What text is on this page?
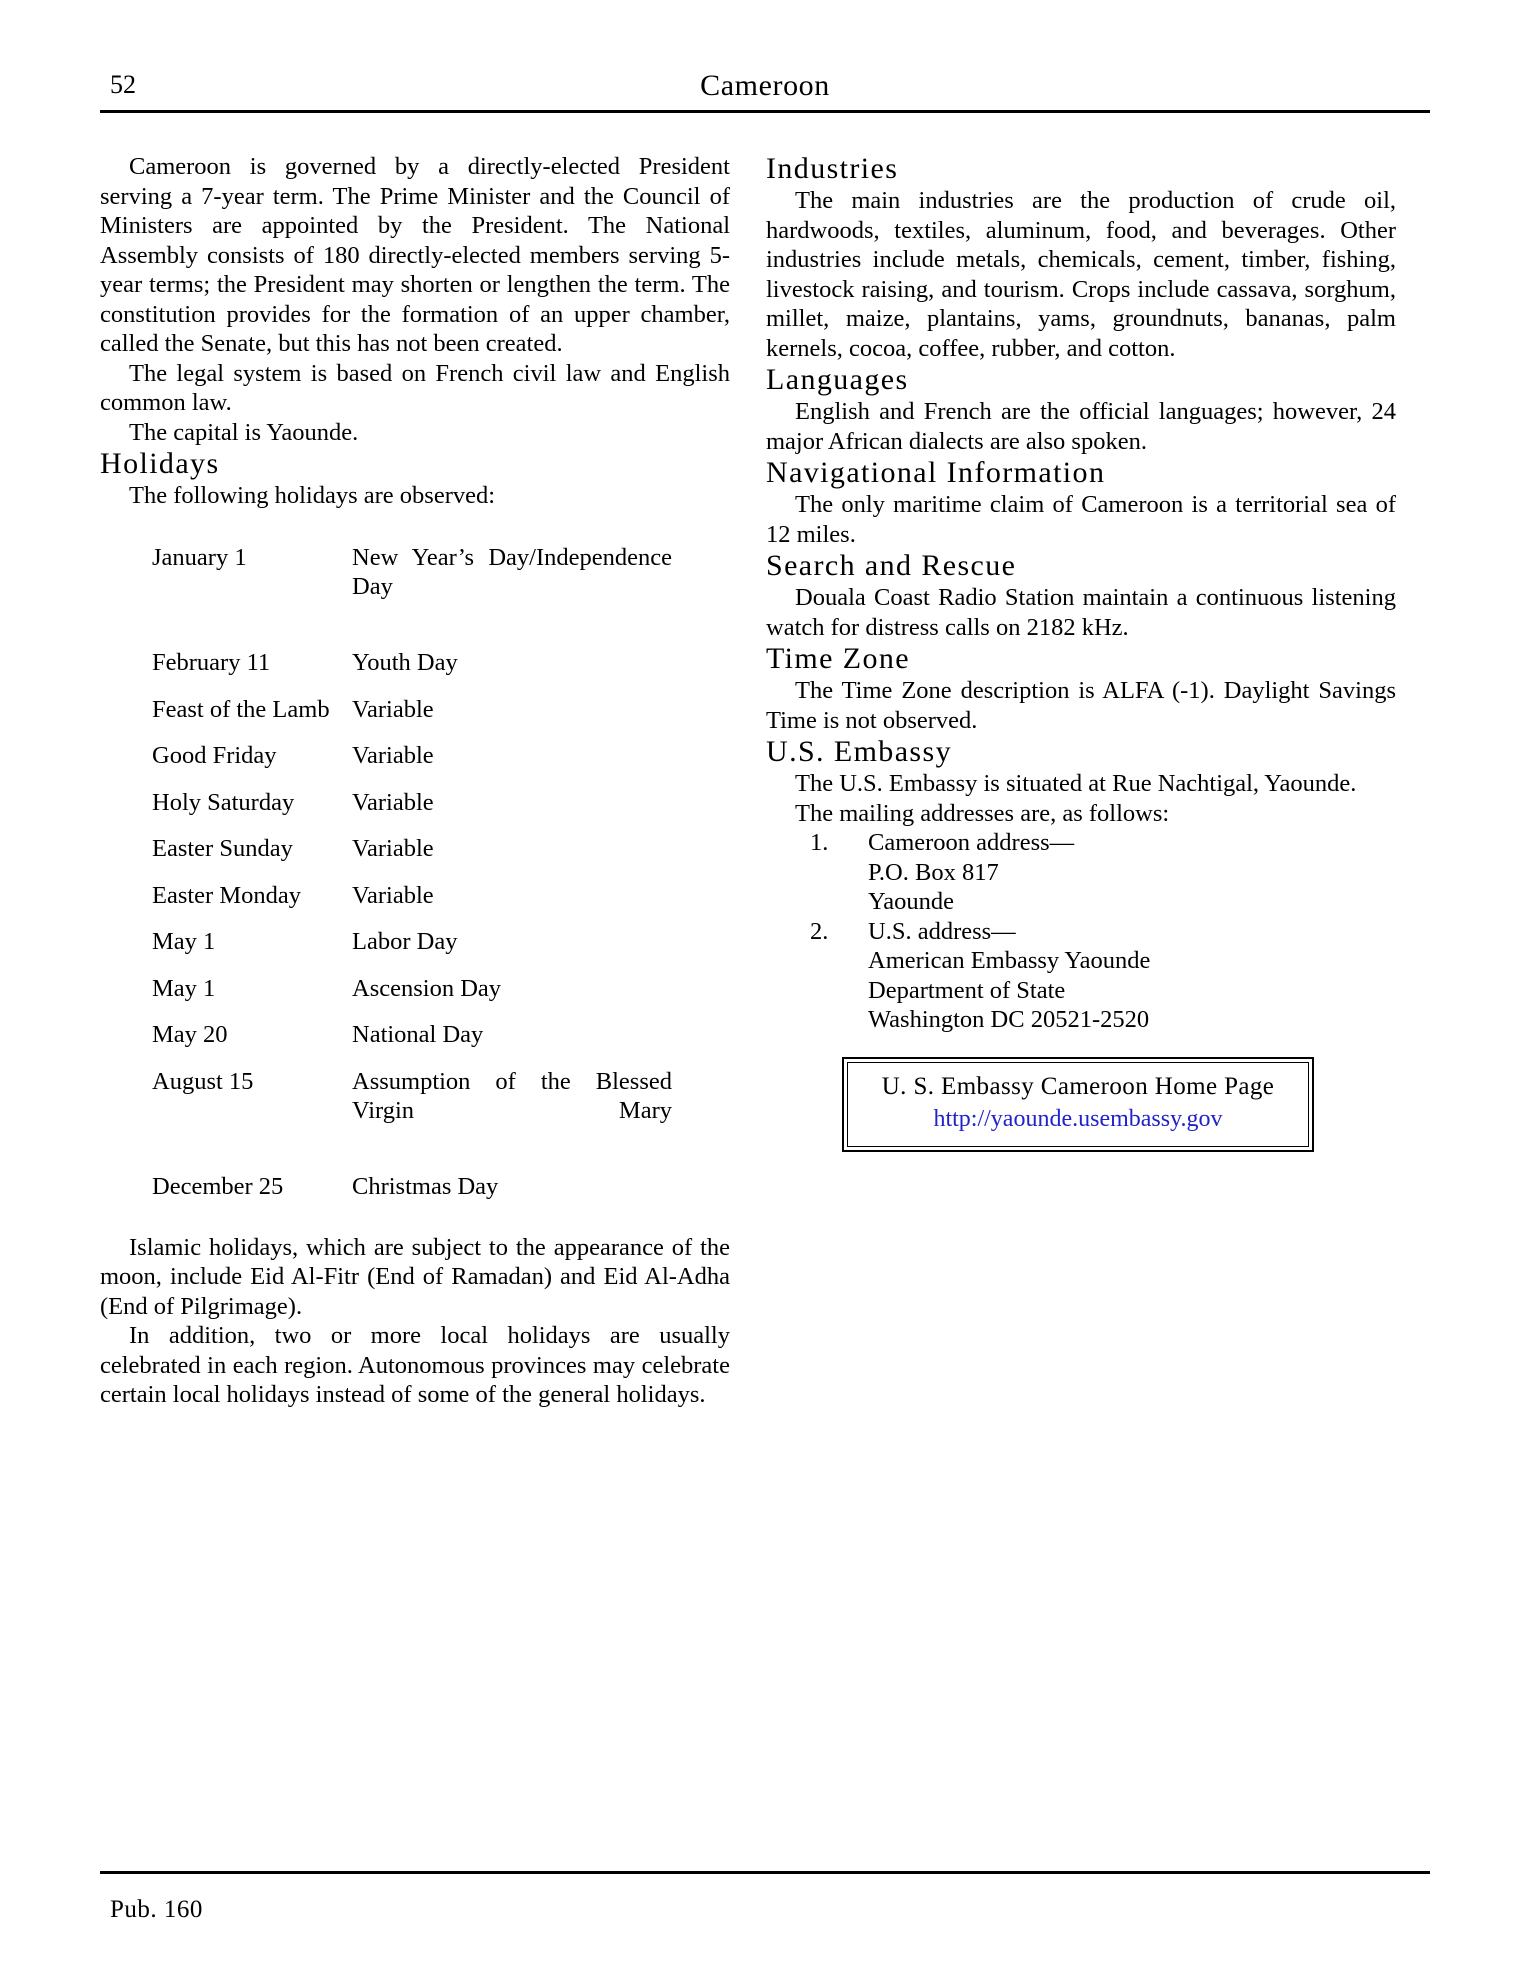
52	Cameroon

Cameroon is governed by a directly-elected President serving a 7-year term. The Prime Minister and the Council of Ministers are appointed by the President. The National Assembly consists of 180 directly-elected members serving 5-year terms; the President may shorten or lengthen the term. The constitution provides for the formation of an upper chamber, called the Senate, but this has not been created.

The legal system is based on French civil law and English common law.

The capital is Yaounde.

Holidays

The following holidays are observed:

January 1	New Year’s Day/Independence Day

February 11	Youth Day
Feast of the Lamb	Variable
Good Friday	Variable
Holy Saturday	Variable
Easter Sunday	Variable
Easter Monday	Variable
May 1	Labor Day
May 1	Ascension Day
May 20	National Day
August 15	Assumption of the Blessed Virgin Mary

December 25	Christmas Day

Islamic holidays, which are subject to the appearance of the moon, include Eid Al-Fitr (End of Ramadan) and Eid Al-Adha (End of Pilgrimage).

In addition, two or more local holidays are usually celebrated in each region. Autonomous provinces may celebrate certain local holidays instead of some of the general holidays.

Industries

The main industries are the production of crude oil, hardwoods, textiles, aluminum, food, and beverages. Other industries include metals, chemicals, cement, timber, fishing, livestock raising, and tourism. Crops include cassava, sorghum, millet, maize, plantains, yams, groundnuts, bananas, palm kernels, cocoa, coffee, rubber, and cotton.

Languages

English and French are the official languages; however, 24 major African dialects are also spoken.

Navigational Information

The only maritime claim of Cameroon is a territorial sea of 12 miles.

Search and Rescue

Douala Coast Radio Station maintain a continuous listening watch for distress calls on 2182 kHz.

Time Zone

The Time Zone description is ALFA (-1). Daylight Savings Time is not observed.

U.S. Embassy

The U.S. Embassy is situated at Rue Nachtigal, Yaounde.

The mailing addresses are, as follows:

1. Cameroon address—
P.O. Box 817
Yaounde
2. U.S. address—
American Embassy Yaounde
Department of State
Washington DC 20521-2520
U. S. Embassy Cameroon Home Page
http://yaounde.usembassy.gov
Pub. 160
